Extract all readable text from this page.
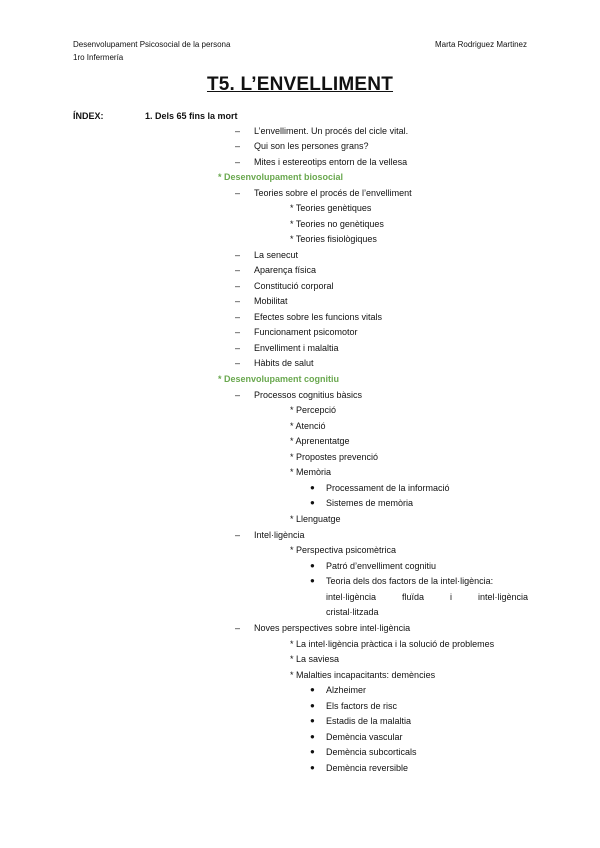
Desenvolupament Psicosocial de la persona
1ro Infermería
Marta Rodriguez Martinez
T5. L’ENVELLIMENT
ÍNDEX:	1. Dels 65 fins la mort
– L’envelliment. Un procés del cicle vital.
– Qui son les persones grans?
– Mites i estereotips entorn de la vellesa
* Desenvolupament biosocial
– Teories sobre el procés de l’envelliment
* Teories genètiques
* Teories no genètiques
* Teories fisiològiques
– La senecut
– Aparença física
– Constitució corporal
– Mobilitat
– Efectes sobre les funcions vitals
– Funcionament psicomotor
– Envelliment i malaltia
– Hàbits de salut
* Desenvolupament cognitiu
– Processos cognitius bàsics
* Percepció
* Atenció
* Aprenentatge
* Propostes prevenció
* Memòria
● Processament de la informació
● Sistemes de memòria
* Llenguatge
– Intel·ligència
* Perspectiva psicomètrica
● Patró d’envelliment cognitiu
● Teoria dels dos factors de la intel·ligència:
intel·ligència	fluïda	i	intel·ligència
cristal·litzada
– Noves perspectives sobre intel·ligència
* La intel·ligència pràctica i la solució de problemes
* La saviesa
* Malalties incapacitants: demències
● Alzheimer
● Els factors de risc
● Estadis de la malaltia
● Demència vascular
● Demència subcorticals
● Demència reversible
